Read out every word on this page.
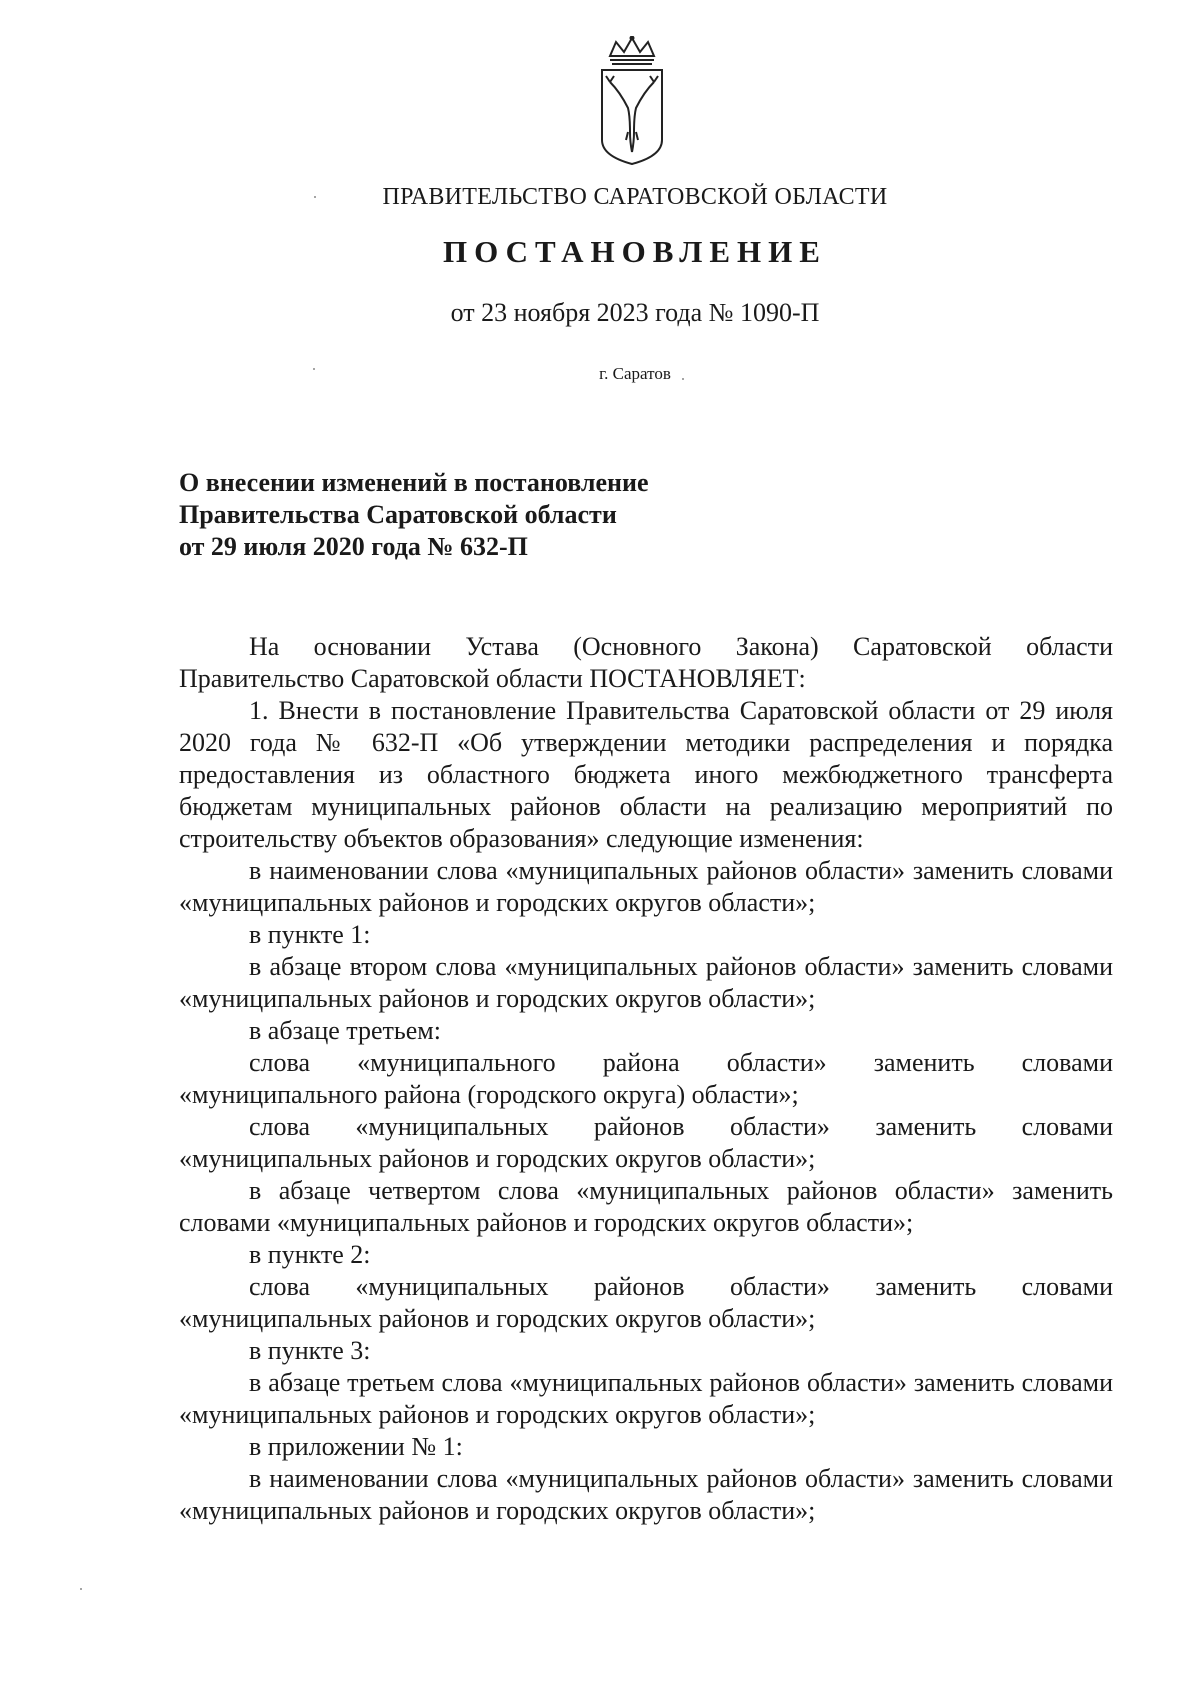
ПРАВИТЕЛЬСТВО САРАТОВСКОЙ ОБЛАСТИ
ПОСТАНОВЛЕНИЕ
от 23 ноября 2023 года № 1090-П
г. Саратов
О внесении изменений в постановление
Правительства Саратовской области
от 29 июля 2020 года № 632-П

На основании Устава (Основного Закона) Саратовской области Правительство Саратовской области ПОСТАНОВЛЯЕТ:

1. Внести в постановление Правительства Саратовской области от 29 июля 2020 года № 632-П «Об утверждении методики распределения и порядка предоставления из областного бюджета иного межбюджетного трансферта бюджетам муниципальных районов области на реализацию мероприятий по строительству объектов образования» следующие изменения:

в наименовании слова «муниципальных районов области» заменить словами «муниципальных районов и городских округов области»;

в пункте 1:

в абзаце втором слова «муниципальных районов области» заменить словами «муниципальных районов и городских округов области»;

в абзаце третьем:

слова «муниципального района области» заменить словами «муниципального района (городского округа) области»;

слова «муниципальных районов области» заменить словами «муниципальных районов и городских округов области»;

в абзаце четвертом слова «муниципальных районов области» заменить словами «муниципальных районов и городских округов области»;

в пункте 2:

слова «муниципальных районов области» заменить словами «муниципальных районов и городских округов области»;

в пункте 3:

в абзаце третьем слова «муниципальных районов области» заменить словами «муниципальных районов и городских округов области»;

в приложении № 1:

в наименовании слова «муниципальных районов области» заменить словами «муниципальных районов и городских округов области»;
